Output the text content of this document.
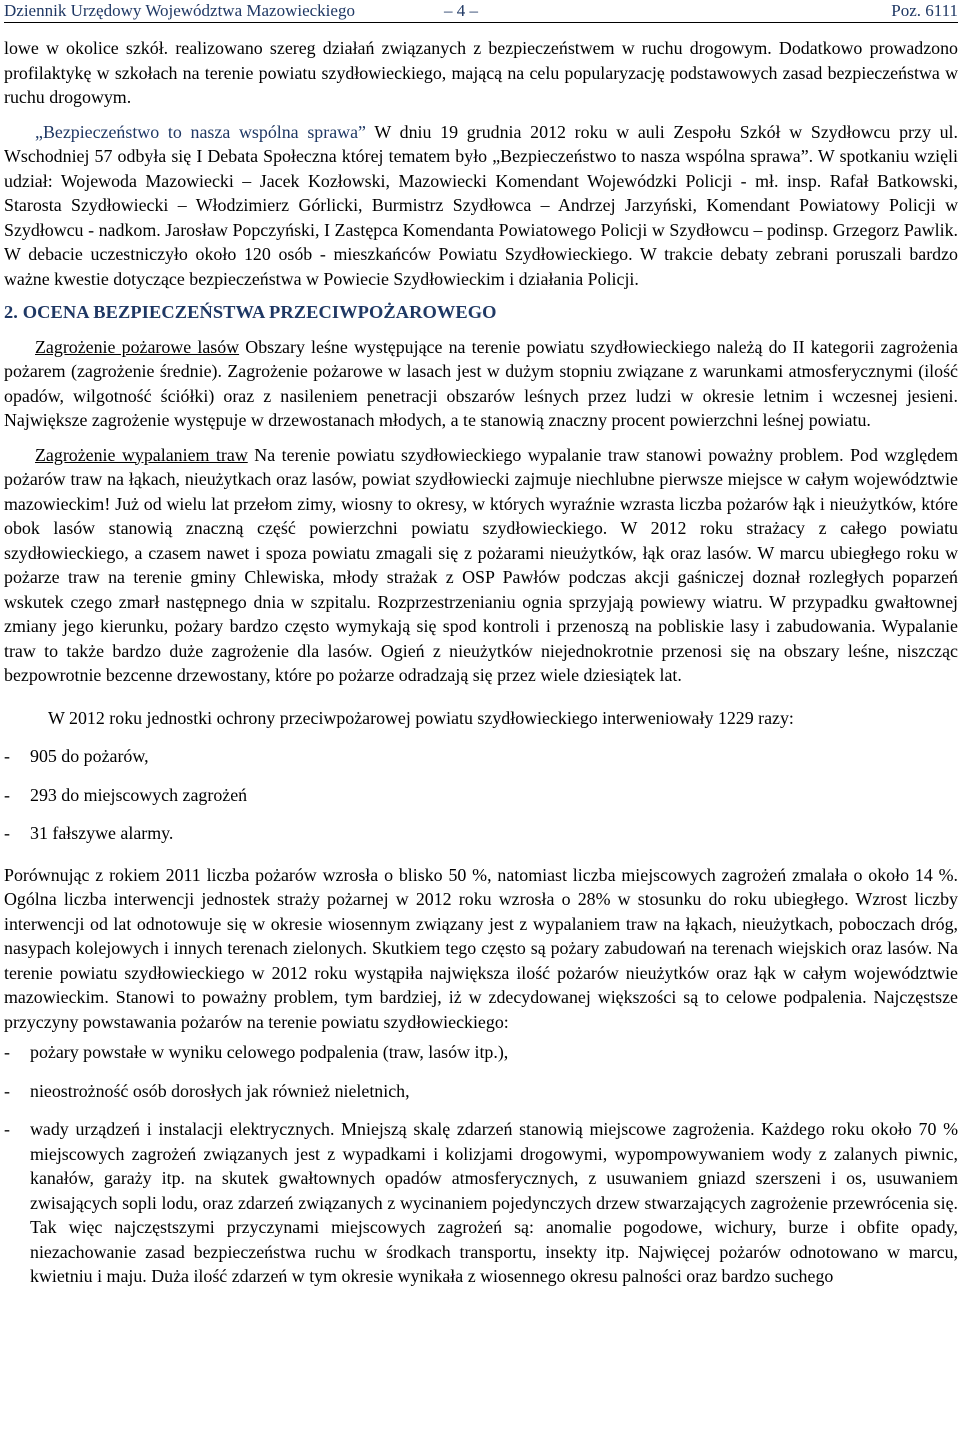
Dziennik Urzędowy Województwa Mazowieckiego	– 4 –	Poz. 6111

lowe w okolice szkół. realizowano szereg działań związanych z bezpieczeństwem w ruchu drogowym. Dodatkowo prowadzono profilaktykę w szkołach na terenie powiatu szydłowieckiego, mającą na celu popularyzację podstawowych zasad bezpieczeństwa w ruchu drogowym.

„Bezpieczeństwo to nasza wspólna sprawa” W dniu 19 grudnia 2012 roku w auli Zespołu Szkół w Szydłowcu przy ul. Wschodniej 57 odbyła się I Debata Społeczna której tematem było „Bezpieczeństwo to nasza wspólna sprawa”. W spotkaniu wzięli udział: Wojewoda Mazowiecki – Jacek Kozłowski, Mazowiecki Komendant Wojewódzki Policji - mł. insp. Rafał Batkowski, Starosta Szydłowiecki – Włodzimierz Górlicki, Burmistrz Szydłowca – Andrzej Jarzyński, Komendant Powiatowy Policji w Szydłowcu - nadkom. Jarosław Popczyński, I Zastępca Komendanta Powiatowego Policji w Szydłowcu – podinsp. Grzegorz Pawlik. W debacie uczestniczyło około 120 osób - mieszkańców Powiatu Szydłowieckiego. W trakcie debaty zebrani poruszali bardzo ważne kwestie dotyczące bezpieczeństwa w Powiecie Szydłowieckim i działania Policji.

2. OCENA BEZPIECZEŃSTWA PRZECIWPOŻAROWEGO

Zagrożenie pożarowe lasów Obszary leśne występujące na terenie powiatu szydłowieckiego należą do II kategorii zagrożenia pożarem (zagrożenie średnie). Zagrożenie pożarowe w lasach jest w dużym stopniu związane z warunkami atmosferycznymi (ilość opadów, wilgotność ściółki) oraz z nasileniem penetracji obszarów leśnych przez ludzi w okresie letnim i wczesnej jesieni. Największe zagrożenie występuje w drzewostanach młodych, a te stanowią znaczny procent powierzchni leśnej powiatu.

Zagrożenie wypalaniem traw Na terenie powiatu szydłowieckiego wypalanie traw stanowi poważny problem. Pod względem pożarów traw na łąkach, nieużytkach oraz lasów, powiat szydłowiecki zajmuje niechlubne pierwsze miejsce w całym województwie mazowieckim! Już od wielu lat przełom zimy, wiosny to okresy, w których wyraźnie wzrasta liczba pożarów łąk i nieużytków, które obok lasów stanowią znaczną część powierzchni powiatu szydłowieckiego. W 2012 roku strażacy z całego powiatu szydłowieckiego, a czasem nawet i spoza powiatu zmagali się z pożarami nieużytków, łąk oraz lasów. W marcu ubiegłego roku w pożarze traw na terenie gminy Chlewiska, młody strażak z OSP Pawłów podczas akcji gaśniczej doznał rozległych poparzeń wskutek czego zmarł następnego dnia w szpitalu. Rozprzestrzenianiu ognia sprzyjają powiewy wiatru. W przypadku gwałtownej zmiany jego kierunku, pożary bardzo często wymykają się spod kontroli i przenoszą na pobliskie lasy i zabudowania. Wypalanie traw to także bardzo duże zagrożenie dla lasów. Ogień z nieużytków niejednokrotnie przenosi się na obszary leśne, niszcząc bezpowrotnie bezcenne drzewostany, które po pożarze odradzają się przez wiele dziesiątek lat.

W 2012 roku jednostki ochrony przeciwpożarowej powiatu szydłowieckiego interweniowały 1229 razy:

- 905 do pożarów,
- 293 do miejscowych zagrożeń
- 31 fałszywe alarmy.

Porównując z rokiem 2011 liczba pożarów wzrosła o blisko 50 %, natomiast liczba miejscowych zagrożeń zmalała o około 14 %. Ogólna liczba interwencji jednostek straży pożarnej w 2012 roku wzrosła o 28% w stosunku do roku ubiegłego. Wzrost liczby interwencji od lat odnotowuje się w okresie wiosennym związany jest z wypalaniem traw na łąkach, nieużytkach, poboczach dróg, nasypach kolejowych i innych terenach zielonych. Skutkiem tego często są pożary zabudowań na terenach wiejskich oraz lasów. Na terenie powiatu szydłowieckiego w 2012 roku wystąpiła największa ilość pożarów nieużytków oraz łąk w całym województwie mazowieckim. Stanowi to poważny problem, tym bardziej, iż w zdecydowanej większości są to celowe podpalenia. Najczęstsze przyczyny powstawania pożarów na terenie powiatu szydłowieckiego:

- pożary powstałe w wyniku celowego podpalenia (traw, lasów itp.),

- nieostrożność osób dorosłych jak również nieletnich,

- wady urządzeń i instalacji elektrycznych. Mniejszą skalę zdarzeń stanowią miejscowe zagrożenia. Każdego roku około 70 % miejscowych zagrożeń związanych jest z wypadkami i kolizjami drogowymi, wypompowywaniem wody z zalanych piwnic, kanałów, garaży itp. na skutek gwałtownych opadów atmosferycznych, z usuwaniem gniazd szerszeni i os, usuwaniem zwisających sopli lodu, oraz zdarzeń związanych z wycinaniem pojedynczych drzew stwarzających zagrożenie przewrócenia się. Tak więc najczęstszymi przyczynami miejscowych zagrożeń są: anomalie pogodowe, wichury, burze i obfite opady, niezachowanie zasad bezpieczeństwa ruchu w środkach transportu, insekty itp. Najwięcej pożarów odnotowano w marcu, kwietniu i maju. Duża ilość zdarzeń w tym okresie wynikała z wiosennego okresu palności oraz bardzo suchego
